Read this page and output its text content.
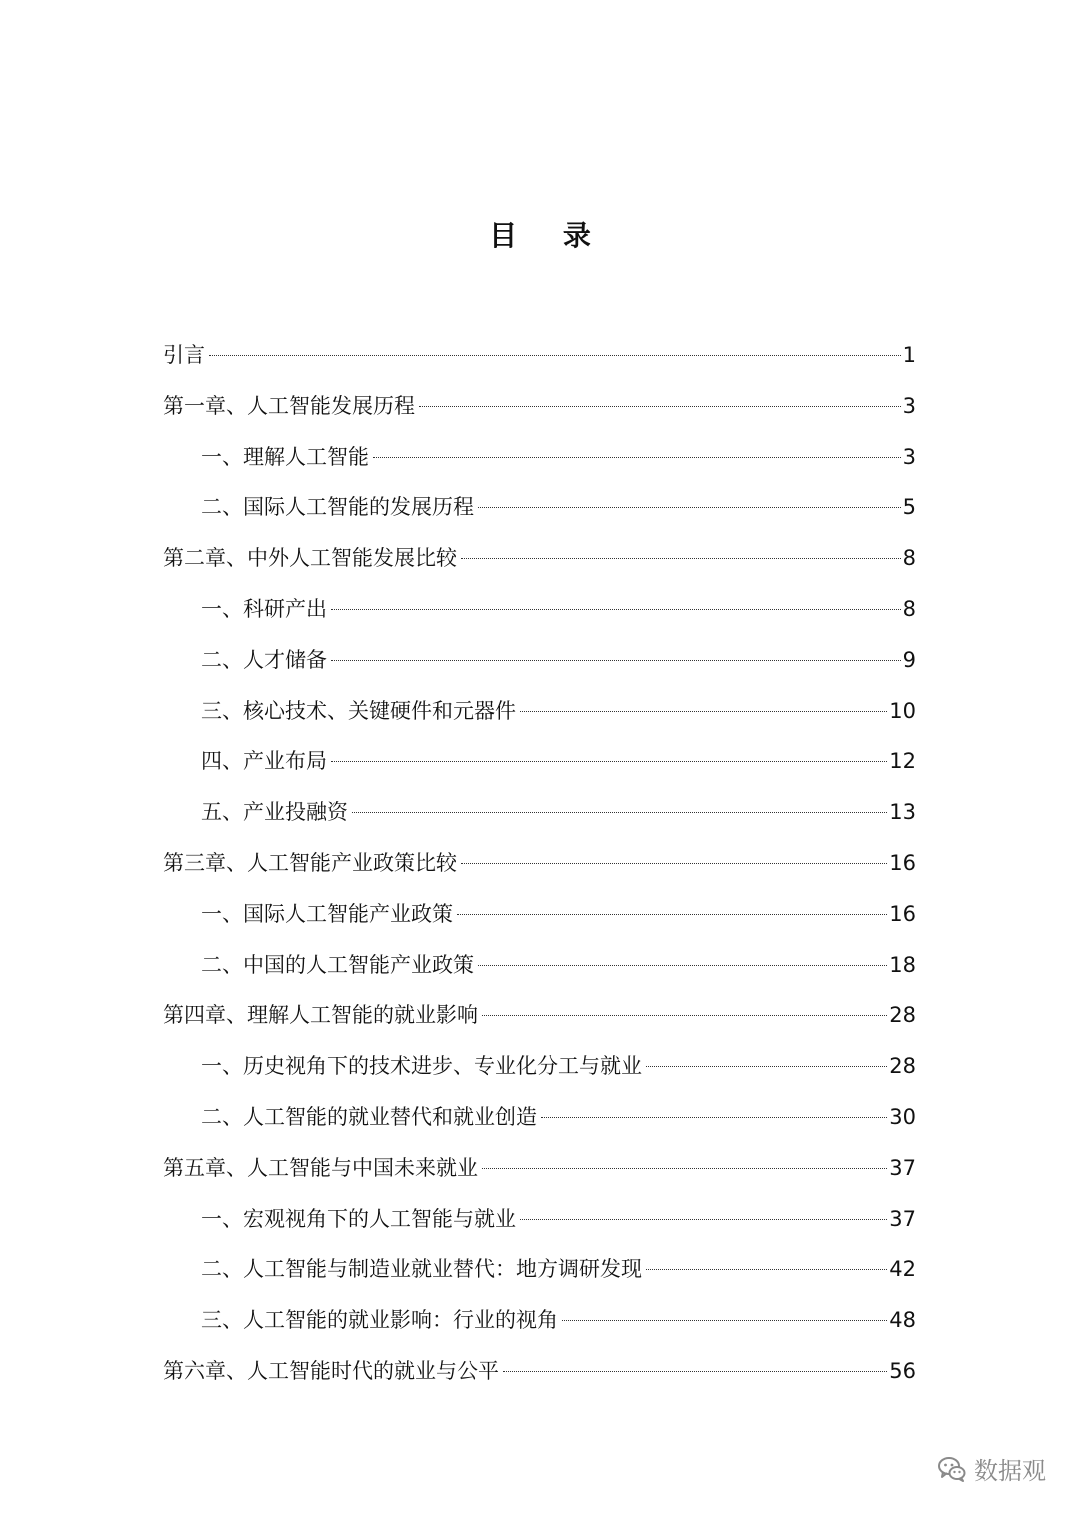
目 录
引言	1
第一章、人工智能发展历程	3
一、理解人工智能	3
二、国际人工智能的发展历程	5
第二章、中外人工智能发展比较	8
一、科研产出	8
二、人才储备	9
三、核心技术、关键硬件和元器件	10
四、产业布局	12
五、产业投融资	13
第三章、人工智能产业政策比较	16
一、国际人工智能产业政策	16
二、中国的人工智能产业政策	18
第四章、理解人工智能的就业影响	28
一、历史视角下的技术进步、专业化分工与就业	28
二、人工智能的就业替代和就业创造	30
第五章、人工智能与中国未来就业	37
一、宏观视角下的人工智能与就业	37
二、人工智能与制造业就业替代：地方调研发现	42
三、人工智能的就业影响：行业的视角	48
第六章、人工智能时代的就业与公平	56
数据观
